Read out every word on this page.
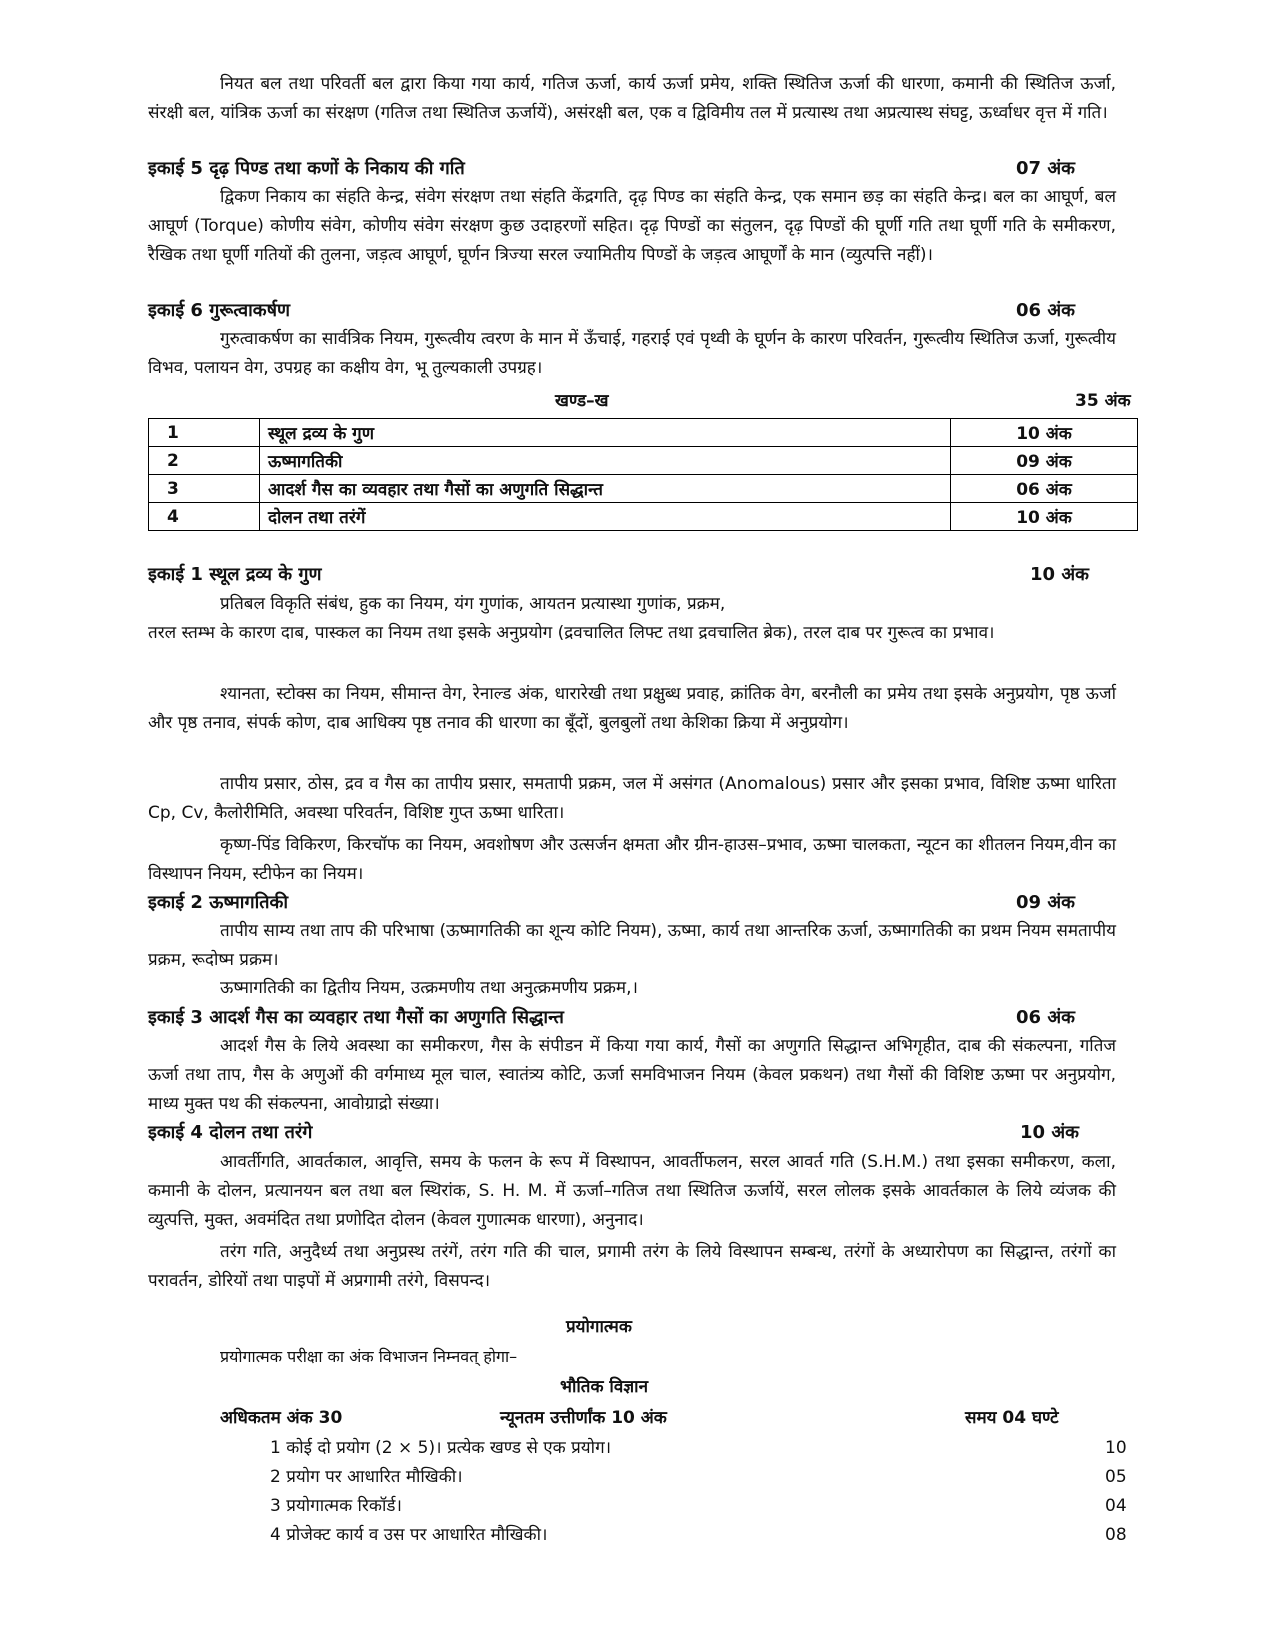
नियत बल तथा परिवर्ती बल द्वारा किया गया कार्य, गतिज ऊर्जा, कार्य ऊर्जा प्रमेय, शक्ति स्थितिज ऊर्जा की धारणा, कमानी की स्थितिज ऊर्जा, संरक्षी बल, यांत्रिक ऊर्जा का संरक्षण (गतिज तथा स्थितिज ऊर्जायें), असंरक्षी बल, एक व द्विविमीय तल में प्रत्यास्थ तथा अप्रत्यास्थ संघट्ट, ऊर्ध्वाधर वृत्त में गति।

इकाई 5 दृढ़ पिण्ड तथा कणों के निकाय की गति	07 अंक

द्विकण निकाय का संहति केन्द्र, संवेग संरक्षण तथा संहति केंद्रगति, दृढ़ पिण्ड का संहति केन्द्र, एक समान छड़ का संहति केन्द्र। बल का आघूर्ण, बल आघूर्ण (Torque) कोणीय संवेग, कोणीय संवेग संरक्षण कुछ उदाहरणों सहित। दृढ़ पिण्डों का संतुलन, दृढ़ पिण्डों की घूर्णी गति तथा घूर्णी गति के समीकरण, रैखिक तथा घूर्णी गतियों की तुलना, जड़त्व आघूर्ण, घूर्णन त्रिज्या सरल ज्यामितीय पिण्डों के जड़त्व आघूर्णों के मान (व्युत्पत्ति नहीं)।

इकाई 6 गुरूत्वाकर्षण	06 अंक

गुरुत्वाकर्षण का सार्वत्रिक नियम, गुरूत्वीय त्वरण के मान में ऊँचाई, गहराई एवं पृथ्वी के घूर्णन के कारण परिवर्तन, गुरूत्वीय स्थितिज ऊर्जा, गुरूत्वीय विभव, पलायन वेग, उपग्रह का कक्षीय वेग, भू तुल्यकाली उपग्रह।

खण्ड–ख	35 अंक
1	स्थूल द्रव्य के गुण	10 अंक
2	ऊष्मागतिकी	09 अंक
3	आदर्श गैस का व्यवहार तथा गैसों का अणुगति सिद्धान्त	06 अंक
4	दोलन तथा तरंगें	10 अंक
इकाई 1 स्थूल द्रव्य के गुण	10 अंक

प्रतिबल विकृति संबंध, हुक का नियम, यंग गुणांक, आयतन प्रत्यास्था गुणांक, प्रक्रम,

तरल स्तम्भ के कारण दाब, पास्कल का नियम तथा इसके अनुप्रयोग (द्रवचालित लिफ्ट तथा द्रवचालित ब्रेक), तरल दाब पर गुरूत्व का प्रभाव।

श्यानता, स्टोक्स का नियम, सीमान्त वेग, रेनाल्ड अंक, धारारेखी तथा प्रक्षुब्ध प्रवाह, क्रांतिक वेग, बरनौली का प्रमेय तथा इसके अनुप्रयोग, पृष्ठ ऊर्जा और पृष्ठ तनाव, संपर्क कोण, दाब आधिक्य पृष्ठ तनाव की धारणा का बूँदों, बुलबुलों तथा केशिका क्रिया में अनुप्रयोग।

तापीय प्रसार, ठोस, द्रव व गैस का तापीय प्रसार, समतापी प्रक्रम, जल में असंगत (Anomalous) प्रसार और इसका प्रभाव, विशिष्ट ऊष्मा धारिता Cp, Cv, कैलोरीमिति, अवस्था परिवर्तन, विशिष्ट गुप्त ऊष्मा धारिता।

कृष्ण-पिंड विकिरण, किरचॉफ का नियम, अवशोषण और उत्सर्जन क्षमता और ग्रीन-हाउस–प्रभाव, ऊष्मा चालकता, न्यूटन का शीतलन नियम,वीन का विस्थापन नियम, स्टीफेन का नियम।

इकाई 2 ऊष्मागतिकी	09 अंक

तापीय साम्य तथा ताप की परिभाषा (ऊष्मागतिकी का शून्य कोटि नियम), ऊष्मा, कार्य तथा आन्तरिक ऊर्जा, ऊष्मागतिकी का प्रथम नियम समतापीय प्रक्रम, रूदोष्म प्रक्रम।

ऊष्मागतिकी का द्वितीय नियम, उत्क्रमणीय तथा अनुत्क्रमणीय प्रक्रम,।

इकाई 3 आदर्श गैस का व्यवहार तथा गैसों का अणुगति सिद्धान्त	06 अंक

आदर्श गैस के लिये अवस्था का समीकरण, गैस के संपीडन में किया गया कार्य, गैसों का अणुगति सिद्धान्त अभिगृहीत, दाब की संकल्पना, गतिज ऊर्जा तथा ताप, गैस के अणुओं की वर्गमाध्य मूल चाल, स्वातंत्र्य कोटि, ऊर्जा समविभाजन नियम (केवल प्रकथन) तथा गैसों की विशिष्ट ऊष्मा पर अनुप्रयोग, माध्य मुक्त पथ की संकल्पना, आवोग्राद्रो संख्या।

इकाई 4 दोलन तथा तरंगे	10 अंक

आवर्तीगति, आवर्तकाल, आवृत्ति, समय के फलन के रूप में विस्थापन, आवर्तीफलन, सरल आवर्त गति (S.H.M.) तथा इसका समीकरण, कला, कमानी के दोलन, प्रत्यानयन बल तथा बल स्थिरांक, S. H. M. में ऊर्जा–गतिज तथा स्थितिज ऊर्जायें, सरल लोलक इसके आवर्तकाल के लिये व्यंजक की व्युत्पत्ति, मुक्त, अवमंदित तथा प्रणोदित दोलन (केवल गुणात्मक धारणा), अनुनाद।

तरंग गति, अनुदैर्ध्य तथा अनुप्रस्थ तरंगें, तरंग गति की चाल, प्रगामी तरंग के लिये विस्थापन सम्बन्ध, तरंगों के अध्यारोपण का सिद्धान्त, तरंगों का परावर्तन, डोरियों तथा पाइपों में अप्रगामी तरंगे, विसपन्द।

प्रयोगात्मक
प्रयोगात्मक परीक्षा का अंक विभाजन निम्नवत् होगा–
भौतिक विज्ञान
अधिकतम अंक 30	न्यूनतम उत्तीर्णांक 10 अंक	समय 04 घण्टे
1 कोई दो प्रयोग (2 × 5)। प्रत्येक खण्ड से एक प्रयोग।	10
2 प्रयोग पर आधारित मौखिकी।	05
3 प्रयोगात्मक रिकॉर्ड।	04
4 प्रोजेक्ट कार्य व उस पर आधारित मौखिकी।	08
